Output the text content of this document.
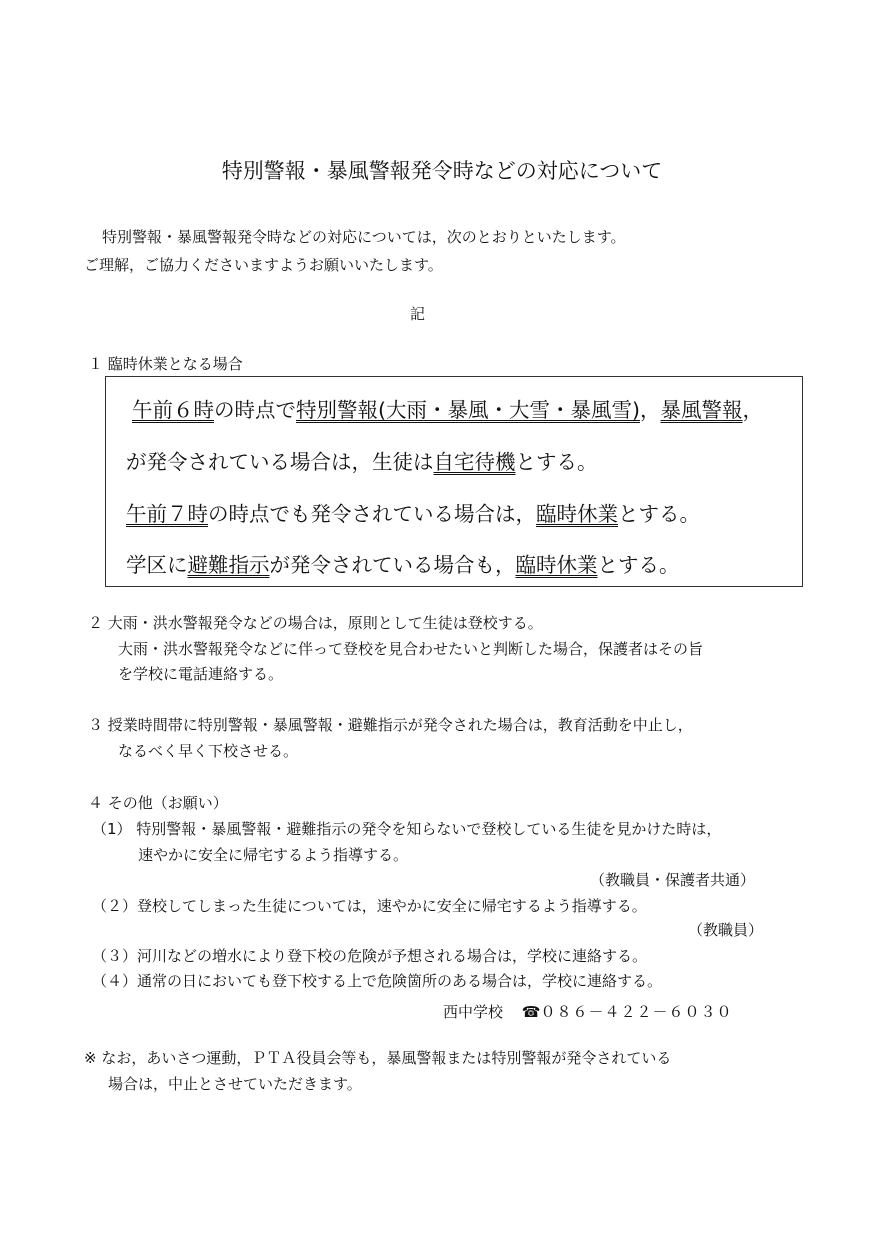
特別警報・暴風警報発令時などの対応について
特別警報・暴風警報発令時などの対応については，次のとおりといたします。
ご理解，ご協力くださいますようお願いいたします。
記
１ 臨時休業となる場合
午前６時の時点で特別警報(大雨・暴風・大雪・暴風雪)，暴風警報，
が発令されている場合は，生徒は自宅待機とする。
午前７時の時点でも発令されている場合は，臨時休業とする。
学区に避難指示が発令されている場合も，臨時休業とする。
２ 大雨・洪水警報発令などの場合は，原則として生徒は登校する。
大雨・洪水警報発令などに伴って登校を見合わせたいと判断した場合，保護者はその旨
を学校に電話連絡する。
３ 授業時間帯に特別警報・暴風警報・避難指示が発令された場合は，教育活動を中止し，
なるべく早く下校させる。
４ その他（お願い）
（1） 特別警報・暴風警報・避難指示の発令を知らないで登校している生徒を見かけた時は，
速やかに安全に帰宅するよう指導する。
（教職員・保護者共通）
（２）登校してしまった生徒については，速やかに安全に帰宅するよう指導する。
（教職員）
（３）河川などの増水により登下校の危険が予想される場合は，学校に連絡する。
（４）通常の日においても登下校する上で危険箇所のある場合は，学校に連絡する。
西中学校 ☎０８６－４２２－６０３０
※ なお，あいさつ運動，ＰＴＡ役員会等も，暴風警報または特別警報が発令されている
場合は，中止とさせていただきます。
